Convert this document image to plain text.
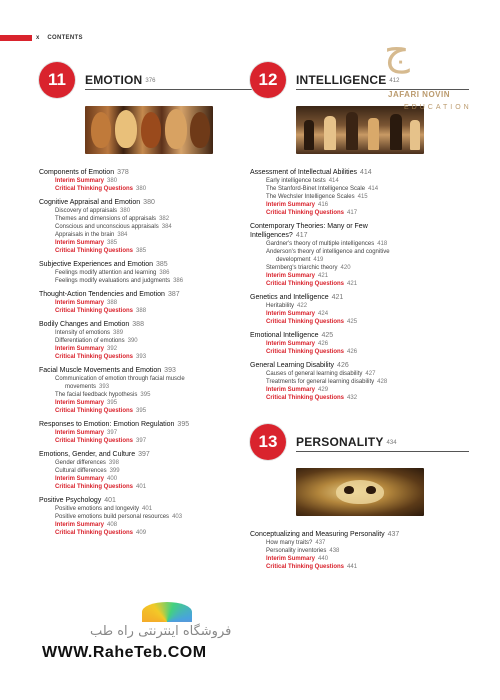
x CONTENTS
11	EMOTION 376
Components of Emotion 378
Interim Summary 380
Critical Thinking Questions 380
Cognitive Appraisal and Emotion 380
Discovery of appraisals 380
Themes and dimensions of appraisals 382
Conscious and unconscious appraisals 384
Appraisals in the brain 384
Interim Summary 385
Critical Thinking Questions 385
Subjective Experiences and Emotion 385
Feelings modify attention and learning 386
Feelings modify evaluations and judgments 386
Thought-Action Tendencies and Emotion 387
Interim Summary 388
Critical Thinking Questions 388
Bodily Changes and Emotion 388
Intensity of emotions 389
Differentiation of emotions 390
Interim Summary 392
Critical Thinking Questions 393
Facial Muscle Movements and Emotion 393
Communication of emotion through facial muscle
movements 393
The facial feedback hypothesis 395
Interim Summary 395
Critical Thinking Questions 395
Responses to Emotion: Emotion Regulation 395
Interim Summary 397
Critical Thinking Questions 397
Emotions, Gender, and Culture 397
Gender differences 398
Cultural differences 399
Interim Summary 400
Critical Thinking Questions 401
Positive Psychology 401
Positive emotions and longevity 401
Positive emotions build personal resources 403
Interim Summary 408
Critical Thinking Questions 409
12	INTELLIGENCE 412
Assessment of Intellectual Abilities 414
Early intelligence tests 414
The Stanford-Binet Intelligence Scale 414
The Wechsler Intelligence Scales 415
Interim Summary 416
Critical Thinking Questions 417
Contemporary Theories: Many or Few
Intelligences? 417
Gardner's theory of multiple intelligences 418
Anderson's theory of intelligence and cognitive
development 419
Sternberg's triarchic theory 420
Interim Summary 421
Critical Thinking Questions 421
Genetics and Intelligence 421
Heritability 422
Interim Summary 424
Critical Thinking Questions 425
Emotional Intelligence 425
Interim Summary 426
Critical Thinking Questions 426
General Learning Disability 426
Causes of general learning disability 427
Treatments for general learning disability 428
Interim Summary 429
Critical Thinking Questions 432
13	PERSONALITY 434
Conceptualizing and Measuring Personality 437
How many traits? 437
Personality inventories 438
Interim Summary 440
Critical Thinking Questions 441
ج
JAFARI NOVIN
EDUCATION
فروشگاه اینترنتی راه طب
WWW.RaheTeb.COM
